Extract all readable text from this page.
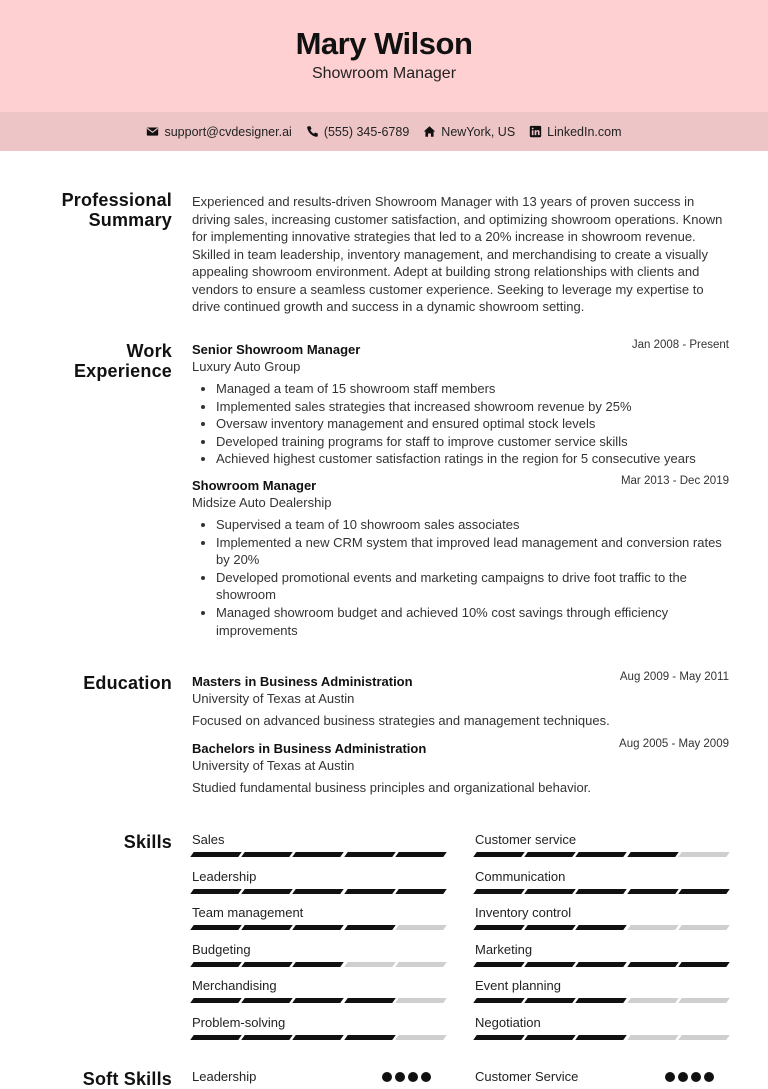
Mary Wilson
Showroom Manager
support@cvdesigner.ai	(555) 345-6789	NewYork, US	LinkedIn.com
Professional Summary
Experienced and results-driven Showroom Manager with 13 years of proven success in driving sales, increasing customer satisfaction, and optimizing showroom operations. Known for implementing innovative strategies that led to a 20% increase in showroom revenue. Skilled in team leadership, inventory management, and merchandising to create a visually appealing showroom environment. Adept at building strong relationships with clients and vendors to ensure a seamless customer experience. Seeking to leverage my expertise to drive continued growth and success in a dynamic showroom setting.
Work Experience
Senior Showroom Manager	Jan 2008 - Present
Luxury Auto Group
• Managed a team of 15 showroom staff members
• Implemented sales strategies that increased showroom revenue by 25%
• Oversaw inventory management and ensured optimal stock levels
• Developed training programs for staff to improve customer service skills
• Achieved highest customer satisfaction ratings in the region for 5 consecutive years
Showroom Manager	Mar 2013 - Dec 2019
Midsize Auto Dealership
• Supervised a team of 10 showroom sales associates
• Implemented a new CRM system that improved lead management and conversion rates by 20%
• Developed promotional events and marketing campaigns to drive foot traffic to the showroom
• Managed showroom budget and achieved 10% cost savings through efficiency improvements
Education Masters in Business Administration	Aug 2009 - May 2011
University of Texas at Austin
Focused on advanced business strategies and management techniques.
Bachelors in Business Administration	Aug 2005 - May 2009
University of Texas at Austin
Studied fundamental business principles and organizational behavior.
Skills Sales	Customer service
Leadership	Communication
Team management	Inventory control
Budgeting	Marketing
Merchandising	Event planning
Problem-solving	Negotiation
Soft Skills Leadership	Customer Service
